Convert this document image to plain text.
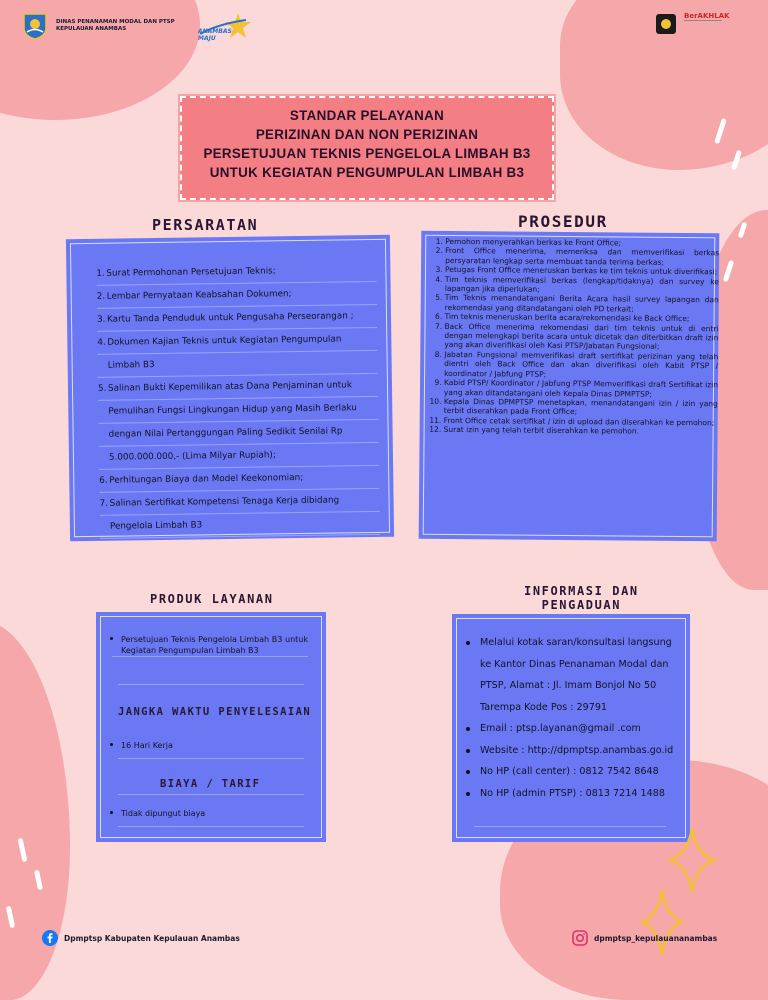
DINAS PENANAMAN MODAL DAN PTSP
KEPULAUAN ANAMBAS	ANAMBAS MAJU
BerAKHLAK
STANDAR PELAYANAN
PERIZINAN DAN NON PERIZINAN
PERSETUJUAN TEKNIS PENGELOLA LIMBAH B3
UNTUK KEGIATAN PENGUMPULAN LIMBAH B3
PERSARATAN
1.Surat Permohonan Persetujuan Teknis;
2.Lembar Pernyataan Keabsahan Dokumen;
3.Kartu Tanda Penduduk untuk Pengusaha Perseorangan ;
4.Dokumen Kajian Teknis untuk Kegiatan Pengumpulan
Limbah B3
5.Salinan Bukti Kepemilikan atas Dana Penjaminan untuk
Pemulihan Fungsi Lingkungan Hidup yang Masih Berlaku
dengan Nilai Pertanggungan Paling Sedikit Senilai Rp
5.000.000.000,- (Lima Milyar Rupiah);
6.Perhitungan Biaya dan Model Keekonomian;
7.Salinan Sertifikat Kompetensi Tenaga Kerja dibidang
Pengelola Limbah B3
PROSEDUR
1. Pemohon menyerahkan berkas ke Front Office;
2. Front Office menerima, memeriksa dan memverifikasi berkas persyaratan lengkap serta membuat tanda terima berkas;
3. Petugas Front Office meneruskan berkas ke tim teknis untuk diverifikasi;
4. Tim teknis memverifikasi berkas (lengkap/tidaknya) dan survey ke lapangan jika diperlukan;
5. Tim Teknis menandatangani Berita Acara hasil survey lapangan dan rekomendasi yang ditandatangani oleh PD terkait;
6. Tim teknis meneruskan berita acara/rekomendasi ke Back Office;
7. Back Office menerima rekomendasi dari tim teknis untuk di entri dengan melengkapi berita acara untuk dicetak dan diterbitkan draft izin yang akan diverifikasi oleh Kasi PTSP/Jabatan Fungsional;
8. Jabatan Fungsional memverifikasi draft sertifikat perizinan yang telah dientri oleh Back Office dan akan diverifikasi oleh Kabit PTSP / koordinator / Jabfung PTSP;
9. Kabid PTSP/ Koordinator / Jabfung PTSP Memverifikasi draft Sertifikat izin yang akan ditandatangani oleh Kepala Dinas DPMPTSP;
10. Kepala Dinas DPMPTSP menetapkan, menandatangani izin / izin yang terbit diserahkan pada Front Office;
11. Front Office cetak sertifikat / izin di upload dan diserahkan ke pemohon;
12. Surat izin yang telah terbit diserahkan ke pemohon.
PRODUK LAYANAN
Persetujuan Teknis Pengelola Limbah B3 untuk Kegiatan Pengumpulan Limbah B3
JANGKA WAKTU PENYELESAIAN
16 Hari Kerja
BIAYA / TARIF
Tidak dipungut biaya
INFORMASI DAN
PENGADUAN
Melalui kotak saran/konsultasi langsung
ke Kantor Dinas Penanaman Modal dan
PTSP, Alamat : Jl. Imam Bonjol No 50
Tarempa Kode Pos : 29791
Email : ptsp.layanan@gmail .com
Website : http://dpmptsp.anambas.go.id
No HP (call center) : 0812 7542 8648
No HP (admin PTSP) : 0813 7214 1488
Dpmptsp Kabupaten Kepulauan Anambas	dpmptsp_kepulauananambas
